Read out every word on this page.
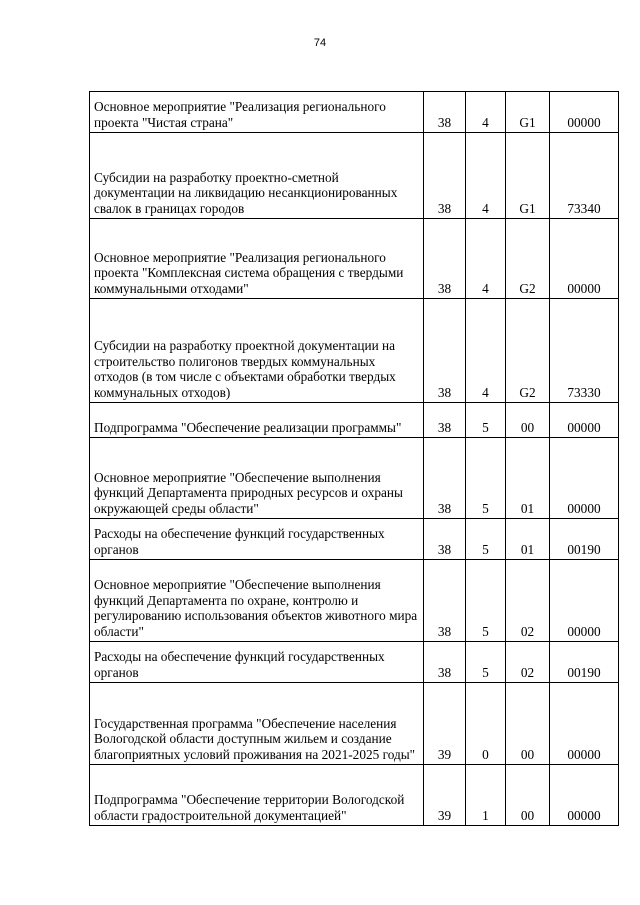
74
Основное мероприятие "Реализация регионального проекта "Чистая страна"	38	4	G1	00000
Субсидии на разработку проектно-сметной документации на ликвидацию несанкционированных свалок в границах городов	38	4	G1	73340
Основное мероприятие "Реализация регионального проекта "Комплексная система обращения с твердыми коммунальными отходами"	38	4	G2	00000
Субсидии на разработку проектной документации на строительство полигонов твердых коммунальных отходов (в том числе с объектами обработки твердых коммунальных отходов)	38	4	G2	73330
Подпрограмма "Обеспечение реализации программы"	38	5	00	00000
Основное мероприятие "Обеспечение выполнения функций Департамента природных ресурсов и охраны окружающей среды области"	38	5	01	00000
Расходы на обеспечение функций государственных органов	38	5	01	00190
Основное мероприятие "Обеспечение выполнения функций Департамента по охране, контролю и регулированию использования объектов животного мира области"	38	5	02	00000
Расходы на обеспечение функций государственных органов	38	5	02	00190
Государственная программа "Обеспечение населения Вологодской области доступным жильем и создание благоприятных условий проживания на 2021-2025 годы"	39	0	00	00000
Подпрограмма "Обеспечение территории Вологодской области градостроительной документацией"	39	1	00	00000
